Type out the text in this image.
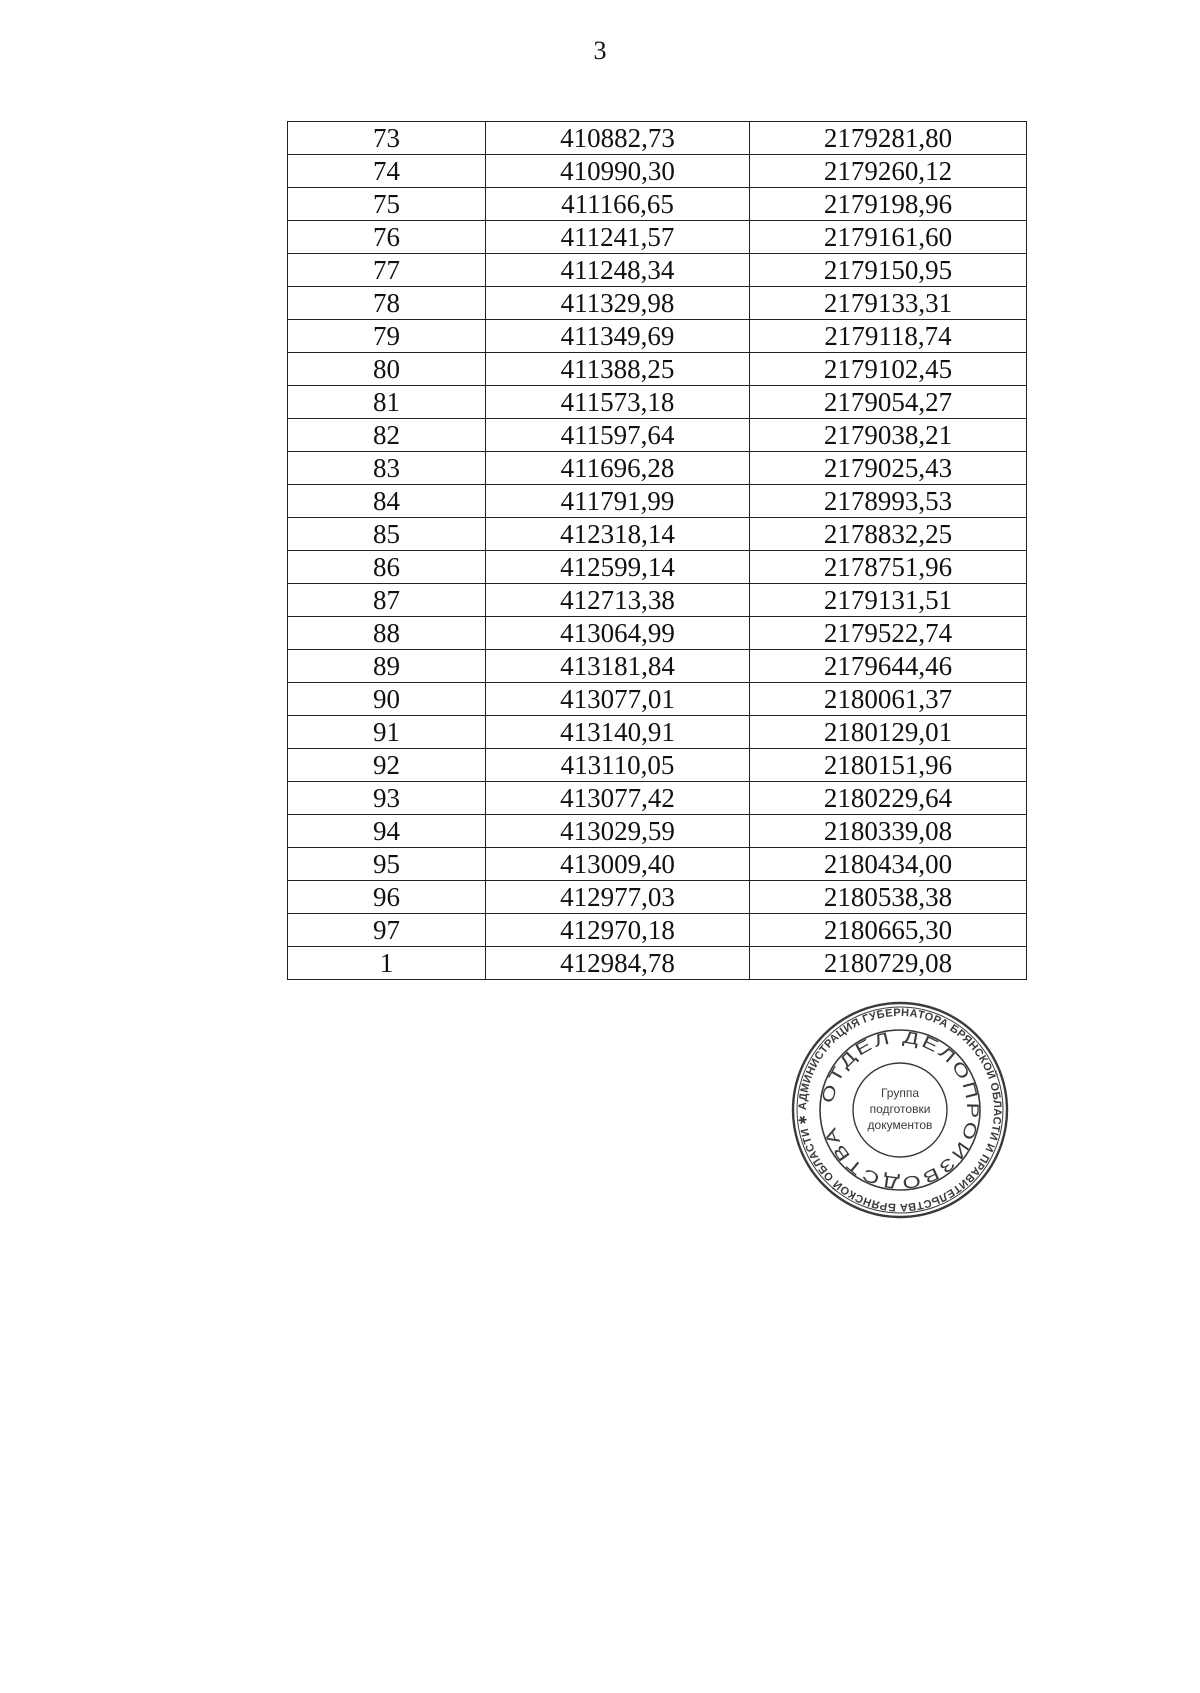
3
73	410882,73	2179281,80
74	410990,30	2179260,12
75	411166,65	2179198,96
76	411241,57	2179161,60
77	411248,34	2179150,95
78	411329,98	2179133,31
79	411349,69	2179118,74
80	411388,25	2179102,45
81	411573,18	2179054,27
82	411597,64	2179038,21
83	411696,28	2179025,43
84	411791,99	2178993,53
85	412318,14	2178832,25
86	412599,14	2178751,96
87	412713,38	2179131,51
88	413064,99	2179522,74
89	413181,84	2179644,46
90	413077,01	2180061,37
91	413140,91	2180129,01
92	413110,05	2180151,96
93	413077,42	2180229,64
94	413029,59	2180339,08
95	413009,40	2180434,00
96	412977,03	2180538,38
97	412970,18	2180665,30
1	412984,78	2180729,08
АДМИНИСТРАЦИЯ ГУБЕРНАТОРА БРЯНСКОЙ ОБЛАСТИ И ПРАВИТЕЛЬСТВА БРЯНСКОЙ ОБЛАСТИ ✱
ОТДЕЛ ДЕЛОПРОИЗВОДСТВА
Группа
подготовки
документов
